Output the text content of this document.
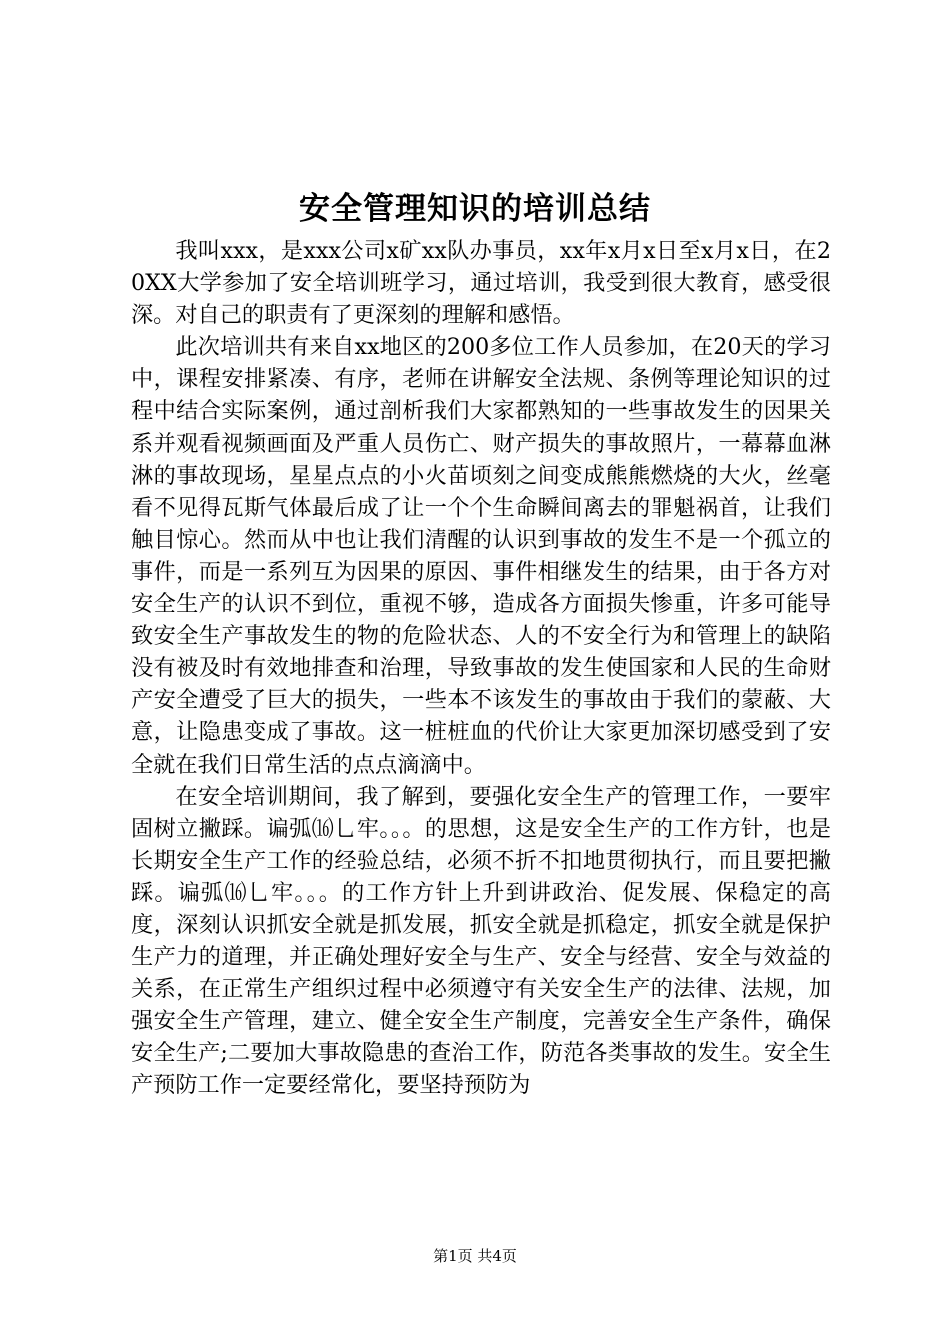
安全管理知识的培训总结

我叫xxx，是xxx公司x矿xx队办事员，xx年x月x日至x月x日，在20XX大学参加了安全培训班学习，通过培训，我受到很大教育，感受很深。对自己的职责有了更深刻的理解和感悟。

此次培训共有来自xx地区的200多位工作人员参加，在20天的学习中，课程安排紧凑、有序，老师在讲解安全法规、条例等理论知识的过程中结合实际案例，通过剖析我们大家都熟知的一些事故发生的因果关系并观看视频画面及严重人员伤亡、财产损失的事故照片，一幕幕血淋淋的事故现场，星星点点的小火苗顷刻之间变成熊熊燃烧的大火，丝毫看不见得瓦斯气体最后成了让一个个生命瞬间离去的罪魁祸首，让我们触目惊心。然而从中也让我们清醒的认识到事故的发生不是一个孤立的事件，而是一系列互为因果的原因、事件相继发生的结果，由于各方对安全生产的认识不到位，重视不够，造成各方面损失惨重，许多可能导致安全生产事故发生的物的危险状态、人的不安全行为和管理上的缺陷没有被及时有效地排查和治理，导致事故的发生使国家和人民的生命财产安全遭受了巨大的损失，一些本不该发生的事故由于我们的蒙蔽、大意，让隐患变成了事故。这一桩桩血的代价让大家更加深切感受到了安全就在我们日常生活的点点滴滴中。

在安全培训期间，我了解到，要强化安全生产的管理工作，一要牢固树立撇踩。谝弧⒃乚牢。。。的思想，这是安全生产的工作方针，也是长期安全生产工作的经验总结，必须不折不扣地贯彻执行，而且要把撇踩。谝弧⒃乚牢。。。的工作方针上升到讲政治、促发展、保稳定的高度，深刻认识抓安全就是抓发展，抓安全就是抓稳定，抓安全就是保护生产力的道理，并正确处理好安全与生产、安全与经营、安全与效益的关系，在正常生产组织过程中必须遵守有关安全生产的法律、法规，加强安全生产管理，建立、健全安全生产制度，完善安全生产条件，确保安全生产;二要加大事故隐患的查治工作，防范各类事故的发生。安全生产预防工作一定要经常化，要坚持预防为

第1页 共4页
